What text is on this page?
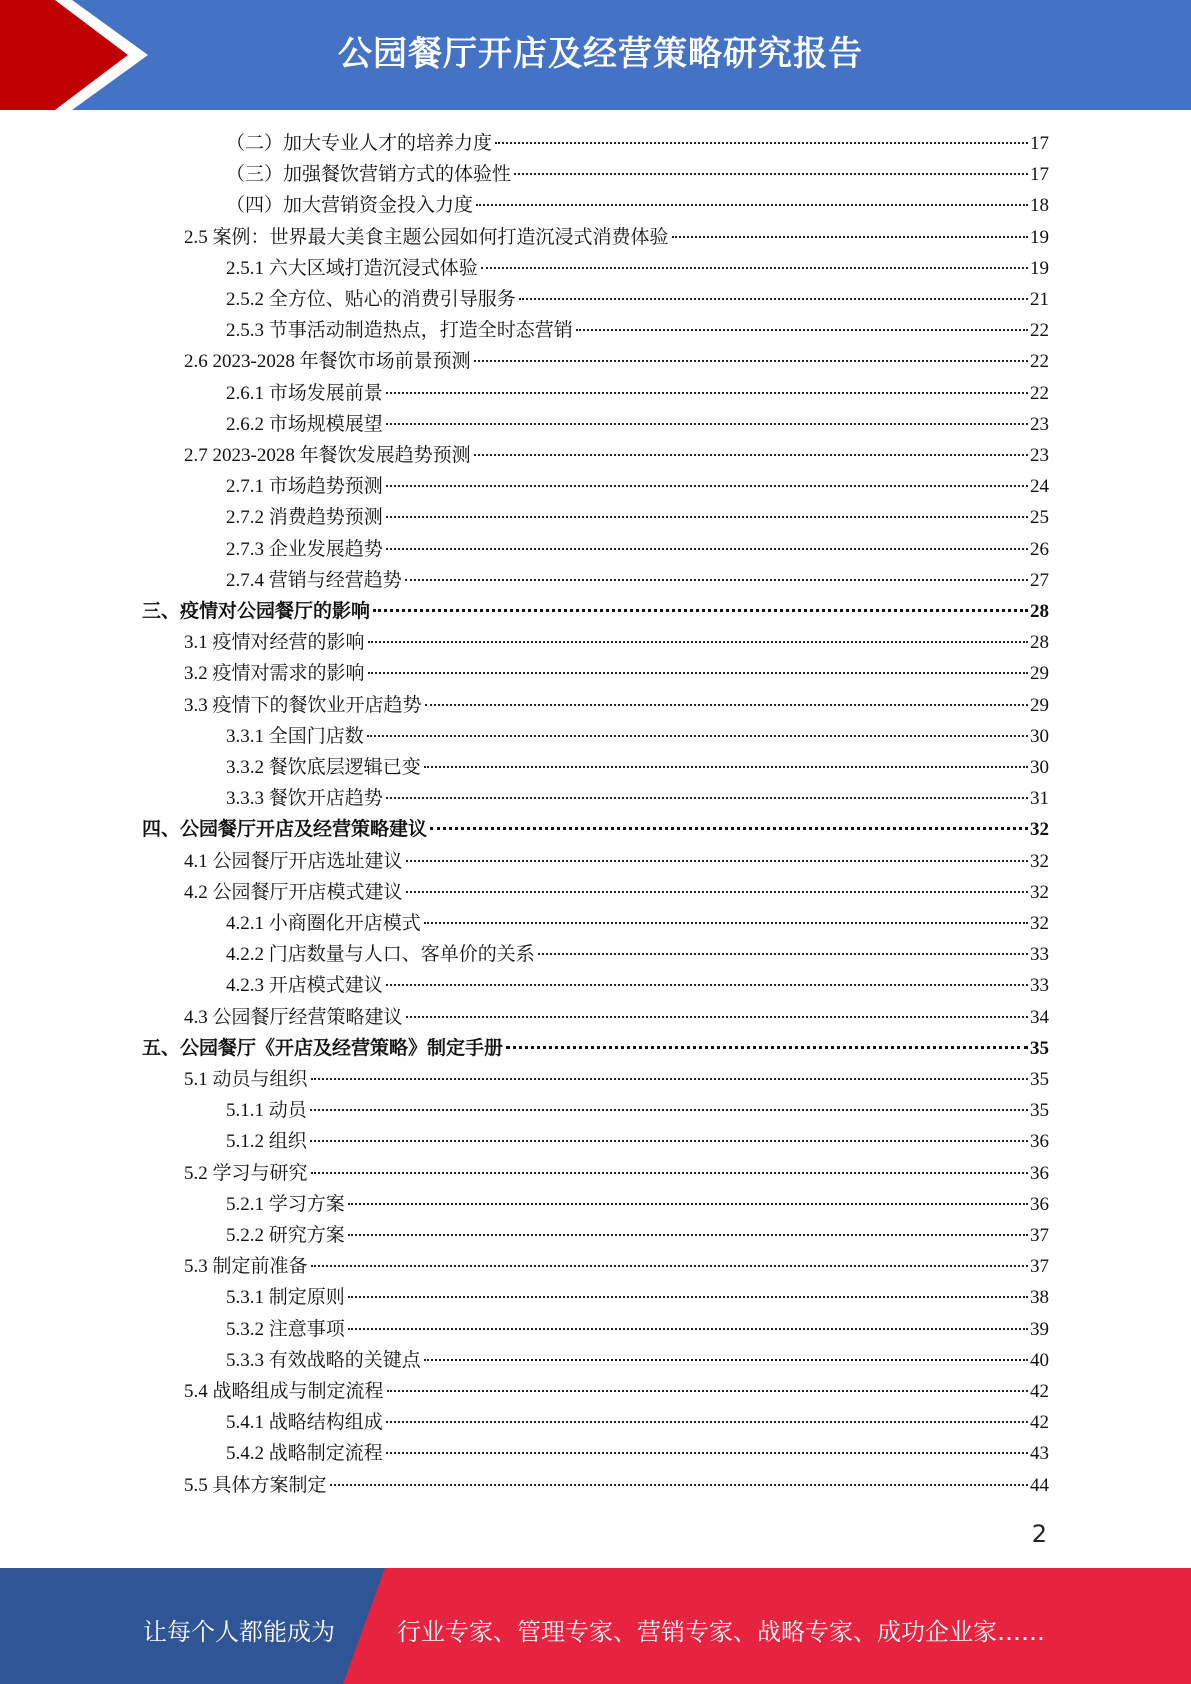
公园餐厅开店及经营策略研究报告
（二）加大专业人才的培养力度	17
（三）加强餐饮营销方式的体验性	17
（四）加大营销资金投入力度	18
2.5 案例：世界最大美食主题公园如何打造沉浸式消费体验	19
2.5.1 六大区域打造沉浸式体验	19
2.5.2 全方位、贴心的消费引导服务	21
2.5.3 节事活动制造热点，打造全时态营销	22
2.6 2023-2028 年餐饮市场前景预测	22
2.6.1 市场发展前景	22
2.6.2 市场规模展望	23
2.7 2023-2028 年餐饮发展趋势预测	23
2.7.1 市场趋势预测	24
2.7.2 消费趋势预测	25
2.7.3 企业发展趋势	26
2.7.4 营销与经营趋势	27
三、疫情对公园餐厅的影响	28
3.1 疫情对经营的影响	28
3.2 疫情对需求的影响	29
3.3 疫情下的餐饮业开店趋势	29
3.3.1 全国门店数	30
3.3.2 餐饮底层逻辑已变	30
3.3.3 餐饮开店趋势	31
四、公园餐厅开店及经营策略建议	32
4.1 公园餐厅开店选址建议	32
4.2 公园餐厅开店模式建议	32
4.2.1 小商圈化开店模式	32
4.2.2 门店数量与人口、客单价的关系	33
4.2.3 开店模式建议	33
4.3 公园餐厅经营策略建议	34
五、公园餐厅《开店及经营策略》制定手册	35
5.1 动员与组织	35
5.1.1 动员	35
5.1.2 组织	36
5.2 学习与研究	36
5.2.1 学习方案	36
5.2.2 研究方案	37
5.3 制定前准备	37
5.3.1 制定原则	38
5.3.2 注意事项	39
5.3.3 有效战略的关键点	40
5.4 战略组成与制定流程	42
5.4.1 战略结构组成	42
5.4.2 战略制定流程	43
5.5 具体方案制定	44
2
让每个人都能成为	行业专家、管理专家、营销专家、战略专家、成功企业家……
